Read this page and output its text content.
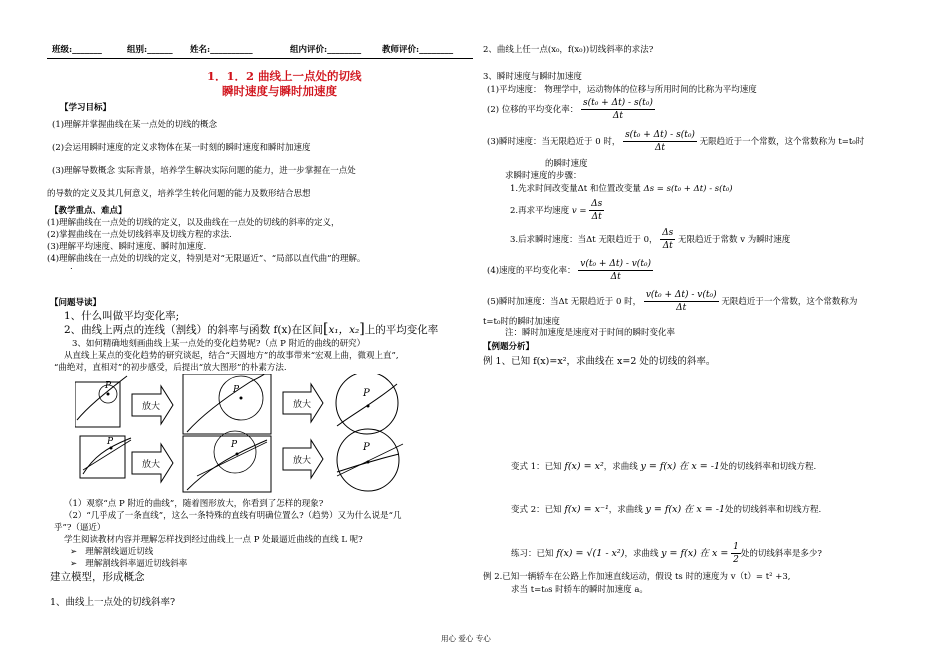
班级:_______	组别:______ 姓名:__________	组内评价:________ 教师评价:________
1．1．2 曲线上一点处的切线
瞬时速度与瞬时加速度
【学习目标】
(1)理解并掌握曲线在某一点处的切线的概念
(2)会运用瞬时速度的定义求物体在某一时刻的瞬时速度和瞬时加速度
(3)理解导数概念 实际背景，培养学生解决实际问题的能力，进一步掌握在一点处
的导数的定义及其几何意义，培养学生转化问题的能力及数形结合思想
【教学重点、难点】
(1)理解曲线在一点处的切线的定义，以及曲线在一点处的切线的斜率的定义，
(2)掌握曲线在一点处切线斜率及切线方程的求法.
(3)理解平均速度、瞬时速度、瞬时加速度.
(4)理解曲线在一点处的切线的定义，特别是对“无限逼近”、“局部以直代曲”的理解。
.
【问题导读】
1、什么叫做平均变化率;
2、曲线上两点的连线（割线）的斜率与函数 f(x)在区间[x₁，x₂]上的平均变化率
3、如何精确地刻画曲线上某一点处的变化趋势呢?（点 P 附近的曲线的研究）
从直线上某点的变化趋势的研究谈起，结合“天圆地方”的故事带来“宏观上曲，微观上直”,
“曲绝对，直相对”的初步感受，后提出“放大图形”的朴素方法.
P
放大
P
放大
P
P
放大
P
放大
P
（1）观察“点 P 附近的曲线”，随着图形放大，你看到了怎样的现象?
（2）“几乎成了一条直线”，这么一条特殊的直线有明确位置么?（趋势）又为什么说是“几
乎”?（逼近）
学生阅读教材内容并理解怎样找到经过曲线上一点 P 处最逼近曲线的直线 L 呢?
➢   理解割线逼近切线
➢   理解割线斜率逼近切线斜率
建立模型，形成概念
1、曲线上一点处的切线斜率?
2、曲线上任一点(x₀，f(x₀))切线斜率的求法?
3、瞬时速度与瞬时加速度
(1)平均速度： 物理学中，运动物体的位移与所用时间的比称为平均速度
(2) 位移的平均变化率： $\frac{\text{s(t₀ + Δt) - s(t₀)}}{\Delta t}$
(3)瞬时速度：当无限趋近于 0 时， $\frac{\text{s(t₀ + Δt) - s(t₀)}}{\Delta t}$ 无限趋近于一个常数，这个常数称为 t=t₀时
的瞬时速度
求瞬时速度的步骤：
1.先求时间改变量Δt 和位置改变量 Δs = s(t₀ + Δt) - s(t₀)
2.再求平均速度 $v = \frac{\Delta s}{\Delta t}$
3.后求瞬时速度：当Δt 无限趋近于 0， $\frac{\Delta s}{\Delta t}$ 无限趋近于常数 v 为瞬时速度
(4)速度的平均变化率： $\frac{\text{v(t₀ + Δt) - v(t₀)}}{\Delta t}$
(5)瞬时加速度：当Δt 无限趋近于 0 时， $\frac{\text{v(t₀ + Δt) - v(t₀)}}{\Delta t}$ 无限趋近于一个常数，这个常数称为
t=t₀时的瞬时加速度
注：瞬时加速度是速度对于时间的瞬时变化率
【例题分析】
例 1、已知 f(x)=x²，求曲线在 x=2 处的切线的斜率。
变式 1：已知 f(x) = x²，求曲线 y = f(x) 在 x = -1处的切线斜率和切线方程.
变式 2：已知 f(x) = x⁻¹，求曲线 y = f(x) 在 x = -1处的切线斜率和切线方程.
练习：已知 f(x) = √(1 - x²)，求曲线 y = f(x) 在 $x = \frac{1}{2}$ 处的切线斜率是多少?
例 2.已知一辆轿车在公路上作加速直线运动，假设 ts 时的速度为 v（t）= t² +3,
求当 t=t₀s 时轿车的瞬时加速度 a。
用心 爱心 专心
